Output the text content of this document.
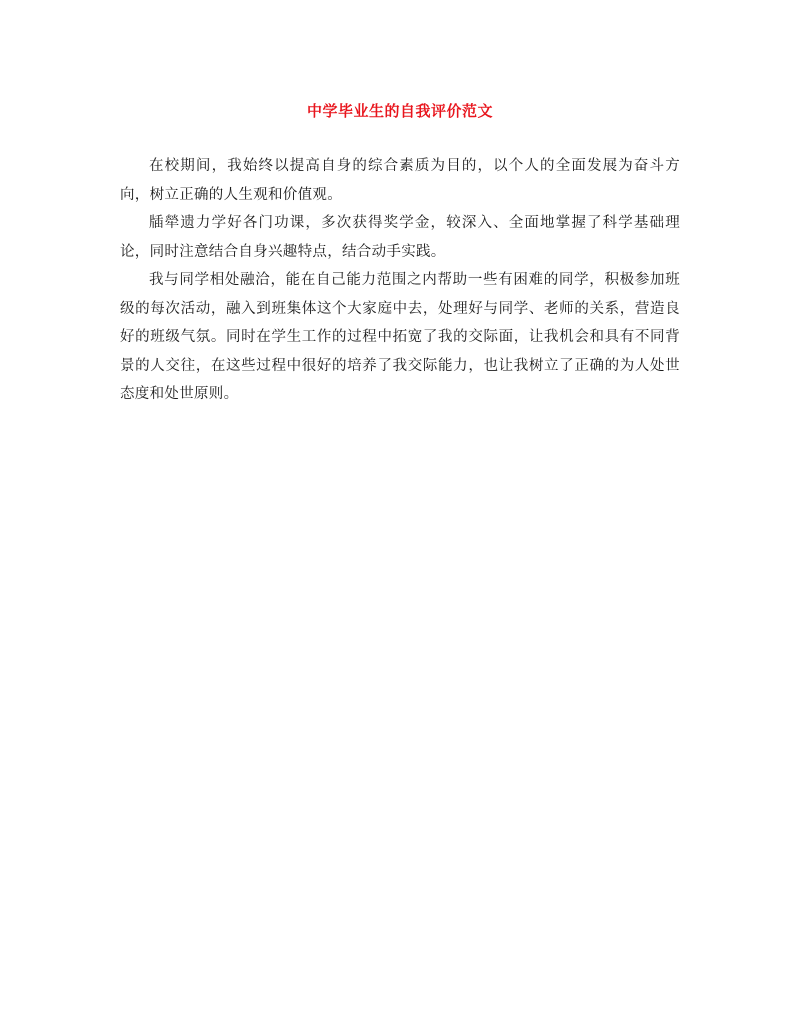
中学毕业生的自我评价范文

在校期间，我始终以提高自身的综合素质为目的，以个人的全面发展为奋斗方向，树立正确的人生观和价值观。

牐犖遗力学好各门功课，多次获得奖学金，较深入、全面地掌握了科学基础理论，同时注意结合自身兴趣特点，结合动手实践。

我与同学相处融洽，能在自己能力范围之内帮助一些有困难的同学，积极参加班级的每次活动，融入到班集体这个大家庭中去，处理好与同学、老师的关系，营造良好的班级气氛。同时在学生工作的过程中拓宽了我的交际面，让我机会和具有不同背景的人交往，在这些过程中很好的培养了我交际能力，也让我树立了正确的为人处世态度和处世原则。
